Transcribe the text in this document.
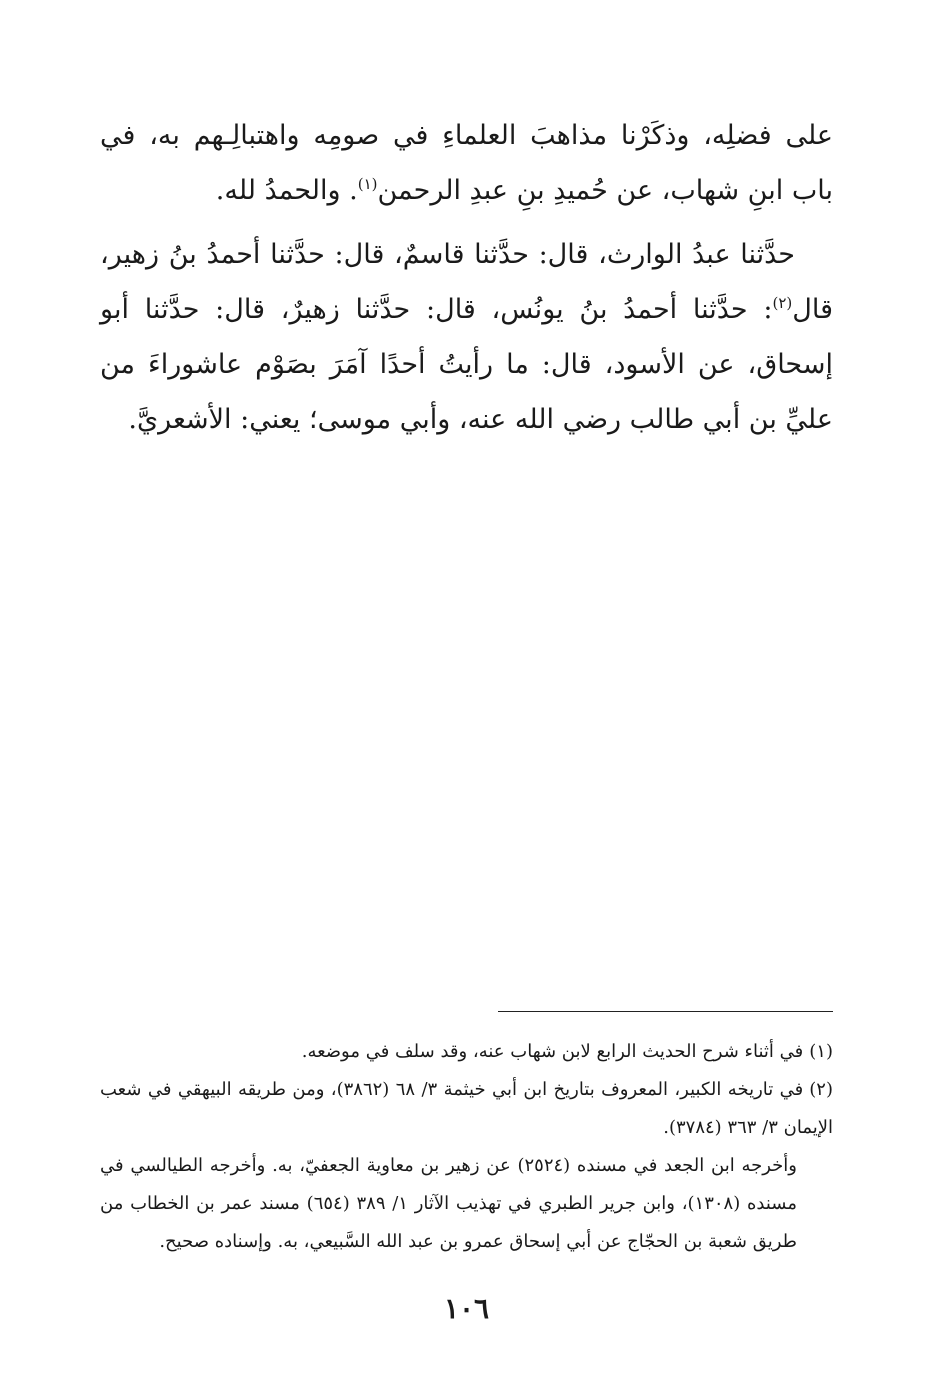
على فضلِه، وذكَرْنا مذاهبَ العلماءِ في صومِه واهتبالِـهم به، في باب ابنِ شهاب، عن حُميدِ بنِ عبدِ الرحمن$^{(١)}$. والحمدُ لله.

حدَّثنا عبدُ الوارث، قال: حدَّثنا قاسمٌ، قال: حدَّثنا أحمدُ بنُ زهير، قال$^{(٢)}$: حدَّثنا أحمدُ بنُ يونُس، قال: حدَّثنا زهيرٌ، قال: حدَّثنا أبو إسحاق، عن الأسود، قال: ما رأيتُ أحدًا آمَرَ بصَوْم عاشوراءَ من عليِّ بن أبي طالب رضي الله عنه، وأبي موسى؛ يعني: الأشعريَّ.

(١)في أثناء شرح الحديث الرابع لابن شهاب عنه، وقد سلف في موضعه.

(٢)في تاريخه الكبير، المعروف بتاريخ ابن أبي خيثمة ٣/ ٦٨ (٣٨٦٢)، ومن طريقه البيهقي في شعب الإيمان ٣/ ٣٦٣ (٣٧٨٤).

وأخرجه ابن الجعد في مسنده (٢٥٢٤) عن زهير بن معاوية الجعفيّ، به. وأخرجه الطيالسي في مسنده (١٣٠٨)، وابن جرير الطبري في تهذيب الآثار ١/ ٣٨٩ (٦٥٤) مسند عمر بن الخطاب من طريق شعبة بن الحجّاج عن أبي إسحاق عمرو بن عبد الله السَّبيعي، به. وإسناده صحيح.

١٠٦
